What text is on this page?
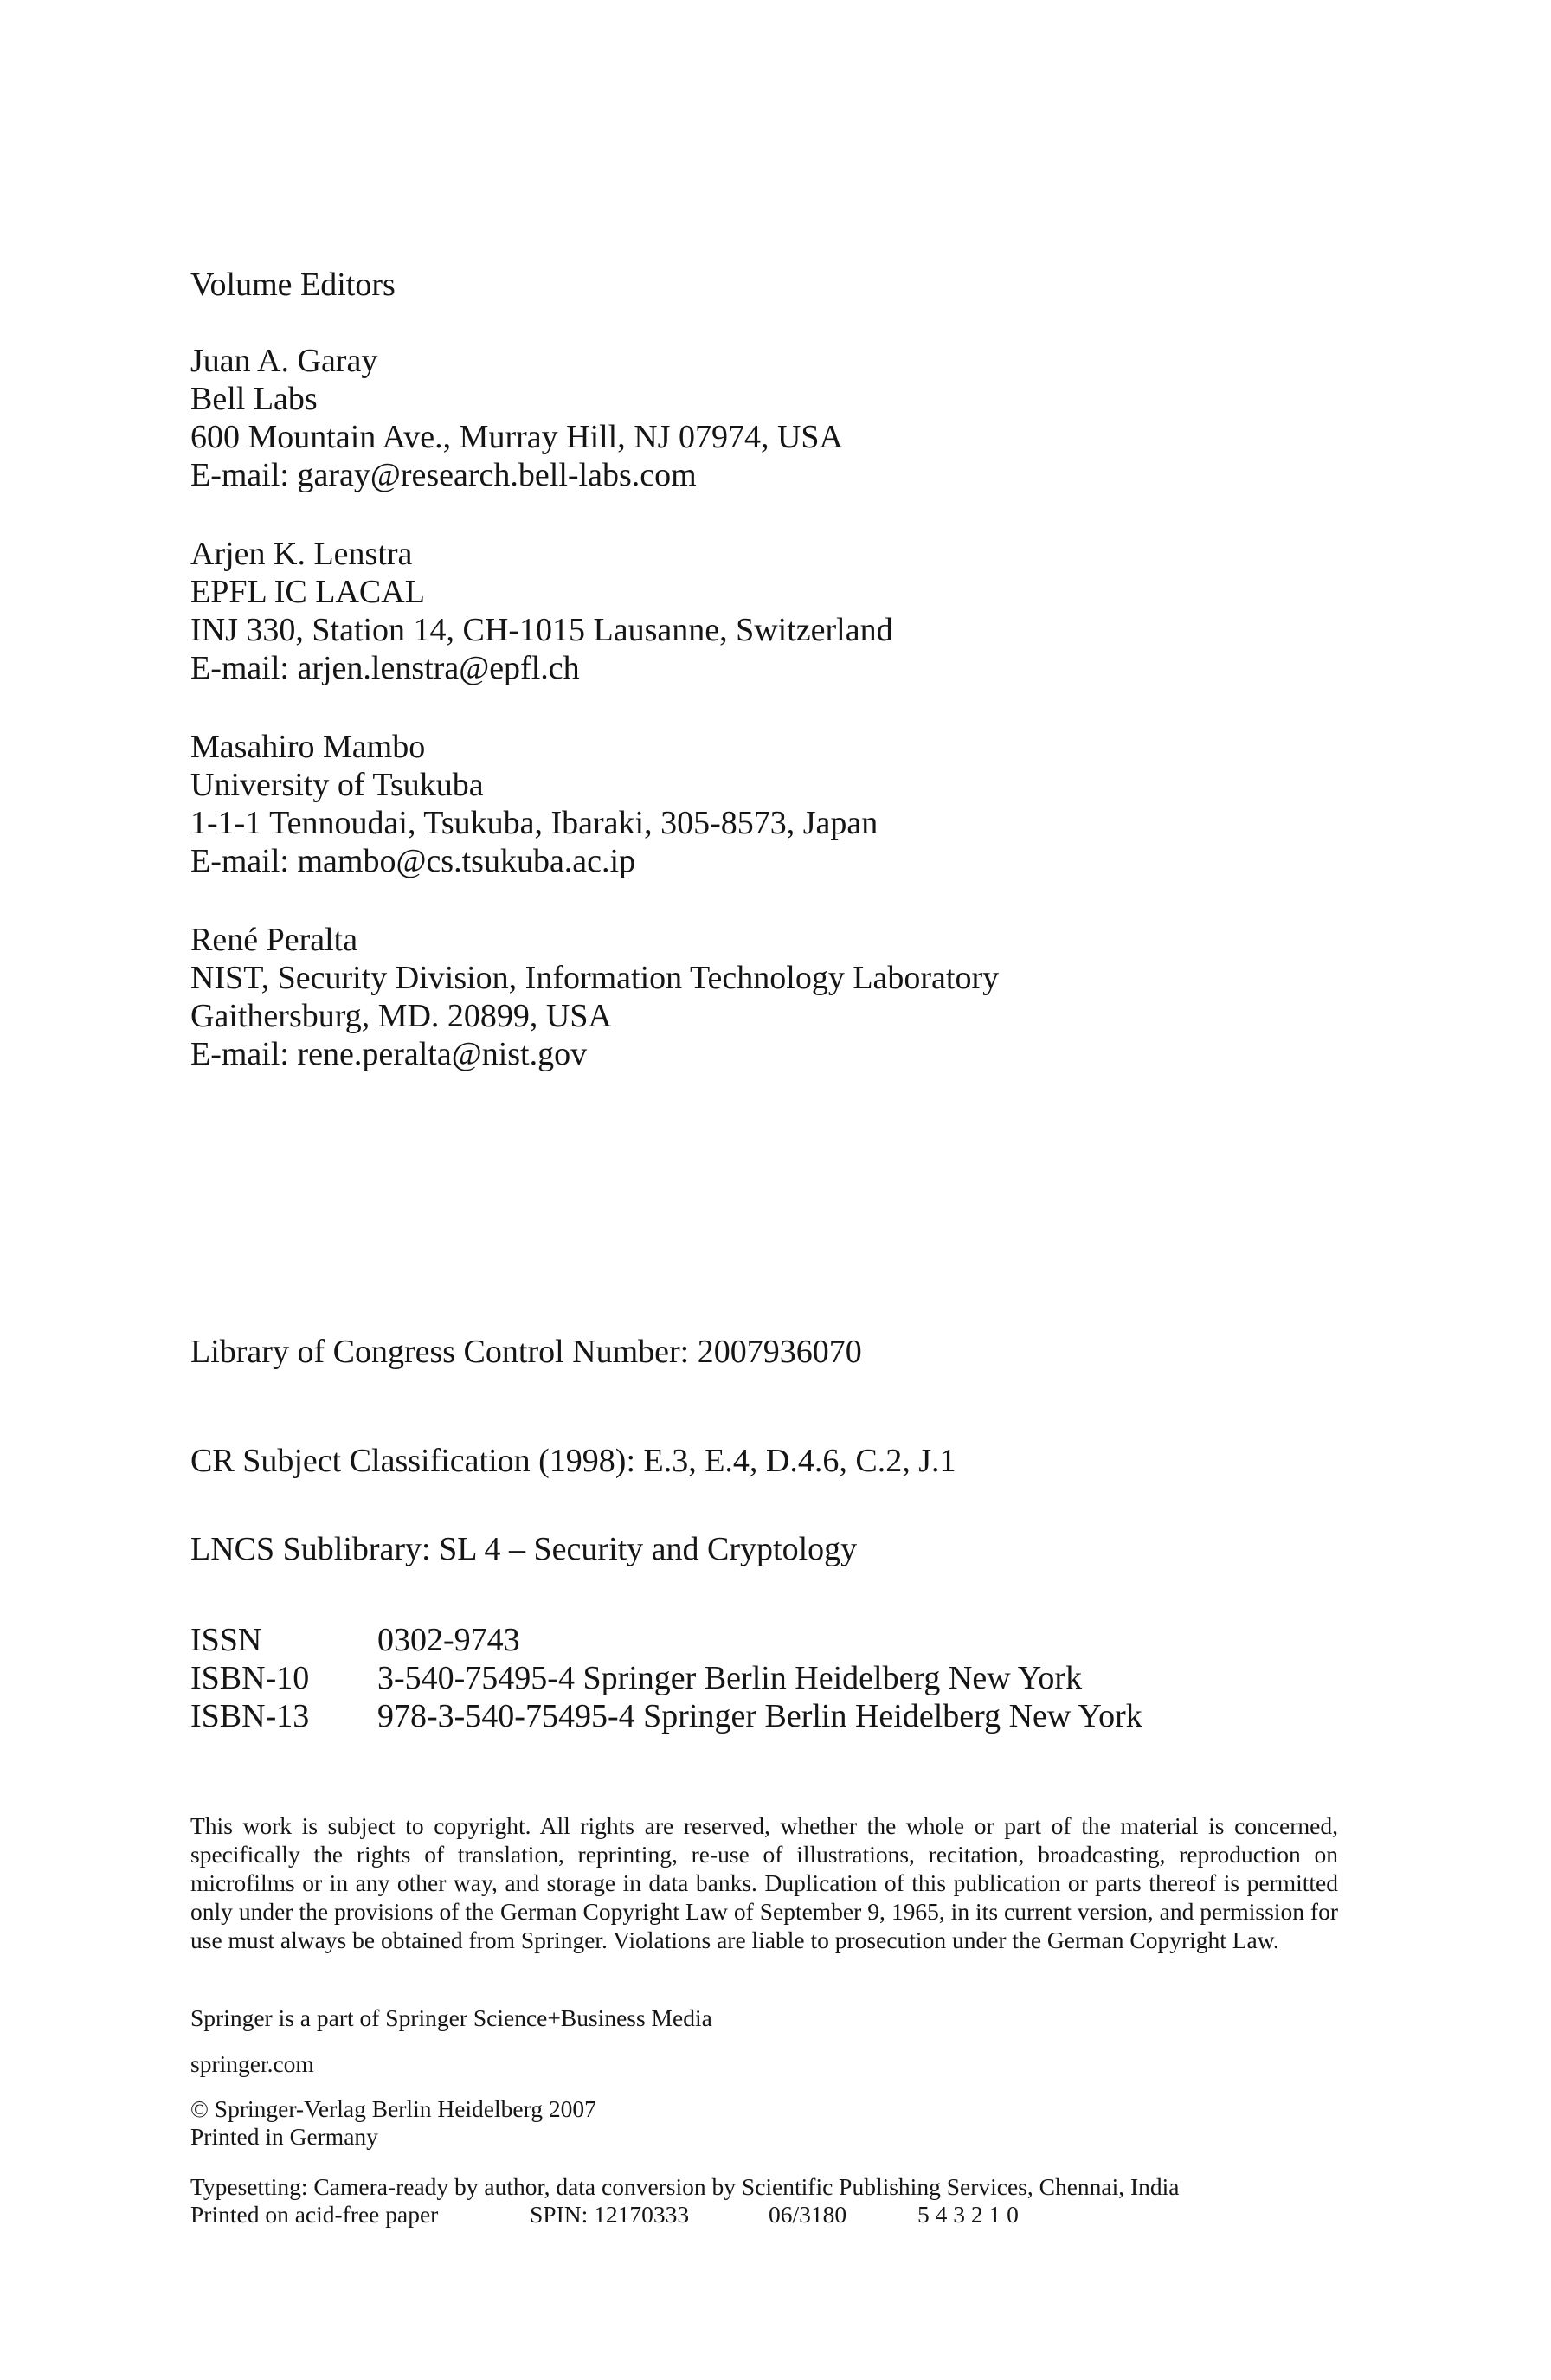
Volume Editors

Juan A. Garay

Bell Labs

600 Mountain Ave., Murray Hill, NJ 07974, USA

E-mail: garay@research.bell-labs.com

Arjen K. Lenstra

EPFL IC LACAL

INJ 330, Station 14, CH-1015 Lausanne, Switzerland

E-mail: arjen.lenstra@epfl.ch

Masahiro Mambo

University of Tsukuba

1-1-1 Tennoudai, Tsukuba, Ibaraki, 305-8573, Japan

E-mail: mambo@cs.tsukuba.ac.ip

René Peralta

NIST, Security Division, Information Technology Laboratory

Gaithersburg, MD. 20899, USA

E-mail: rene.peralta@nist.gov

Library of Congress Control Number: 2007936070

CR Subject Classification (1998): E.3, E.4, D.4.6, C.2, J.1

LNCS Sublibrary: SL 4 – Security and Cryptology

ISSN	0302-9743
ISBN-10 3-540-75495-4 Springer Berlin Heidelberg New York
ISBN-13 978-3-540-75495-4 Springer Berlin Heidelberg New York

This work is subject to copyright. All rights are reserved, whether the whole or part of the material is concerned, specifically the rights of translation, reprinting, re-use of illustrations, recitation, broadcasting, reproduction on microfilms or in any other way, and storage in data banks. Duplication of this publication or parts thereof is permitted only under the provisions of the German Copyright Law of September 9, 1965, in its current version, and permission for use must always be obtained from Springer. Violations are liable to prosecution under the German Copyright Law.

Springer is a part of Springer Science+Business Media

springer.com

© Springer-Verlag Berlin Heidelberg 2007

Printed in Germany

Typesetting: Camera-ready by author, data conversion by Scientific Publishing Services, Chennai, India

Printed on acid-free paper	SPIN: 12170333	06/3180	5 4 3 2 1 0
